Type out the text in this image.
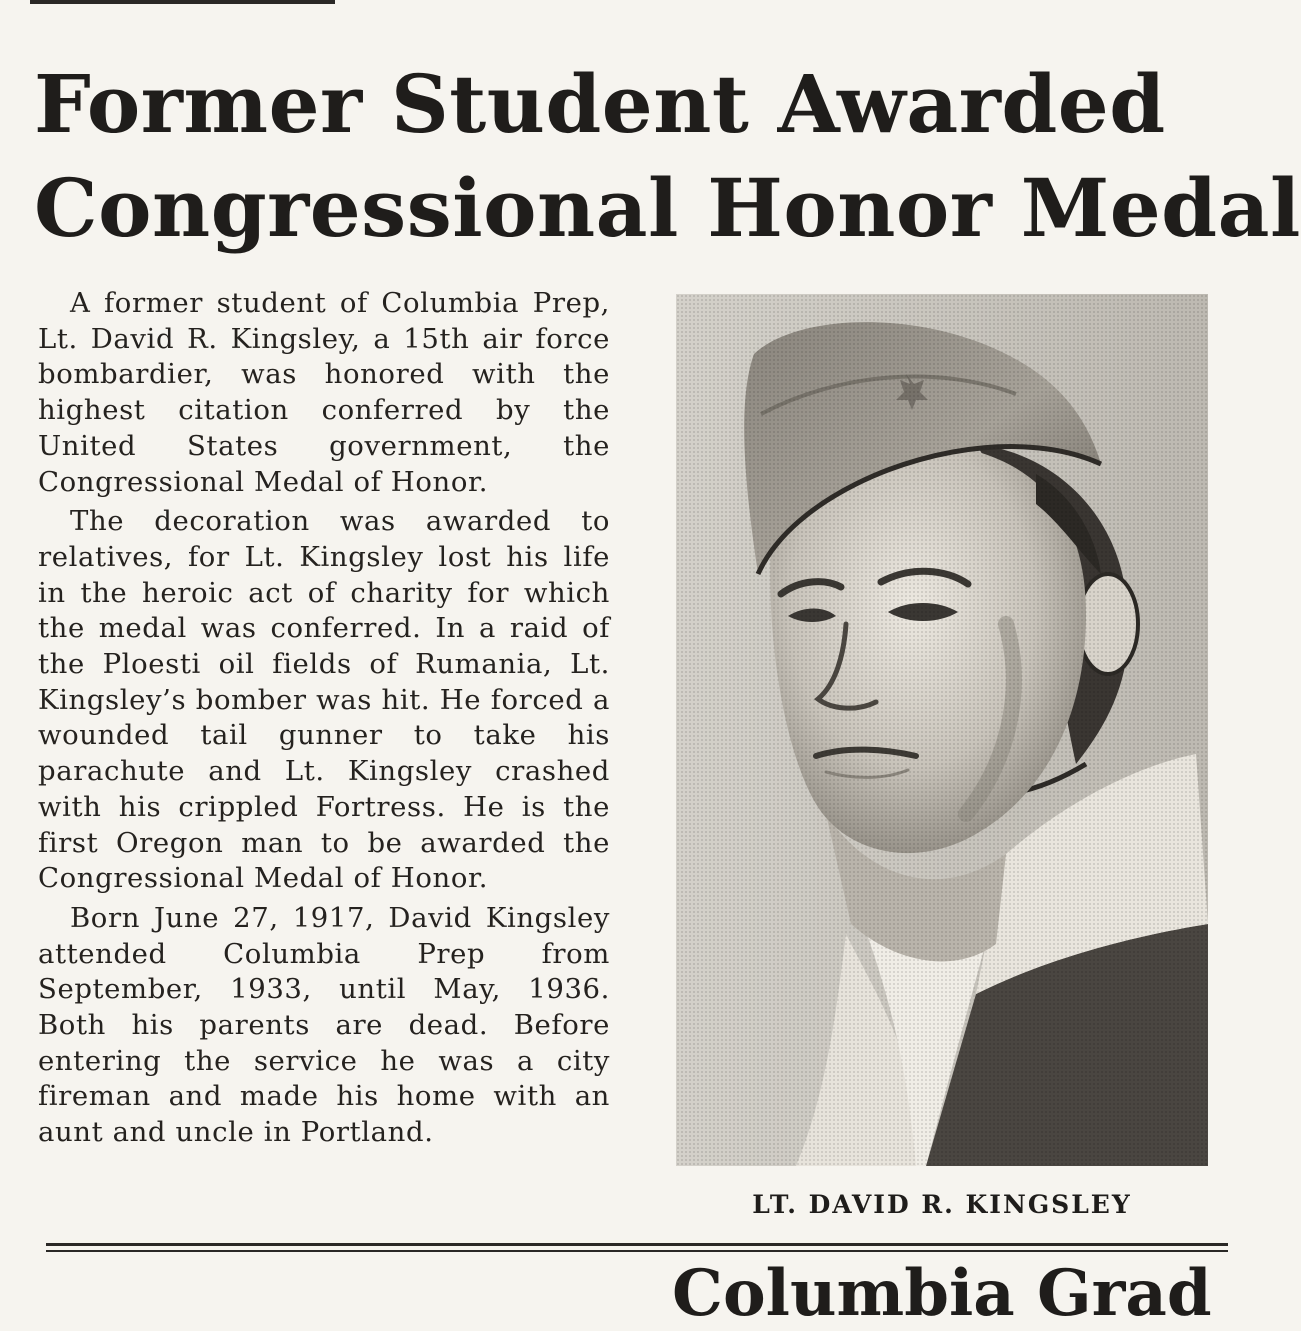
Former Student Awarded
Congressional Honor Medal

A former student of Columbia Prep, Lt. David R. Kingsley, a 15th air force bombardier, was honored with the highest citation conferred by the United States government, the Congressional Medal of Honor.

The decoration was awarded to relatives, for Lt. Kingsley lost his life in the heroic act of charity for which the medal was conferred. In a raid of the Ploesti oil fields of Rumania, Lt. Kingsley’s bomber was hit. He forced a wounded tail gunner to take his parachute and Lt. Kingsley crashed with his crippled Fortress. He is the first Oregon man to be awarded the Congressional Medal of Honor.

Born June 27, 1917, David Kingsley attended Columbia Prep from September, 1933, until May, 1936. Both his parents are dead. Before entering the service he was a city fireman and made his home with an aunt and uncle in Portland.

LT. DAVID R. KINGSLEY
Columbia Grad
